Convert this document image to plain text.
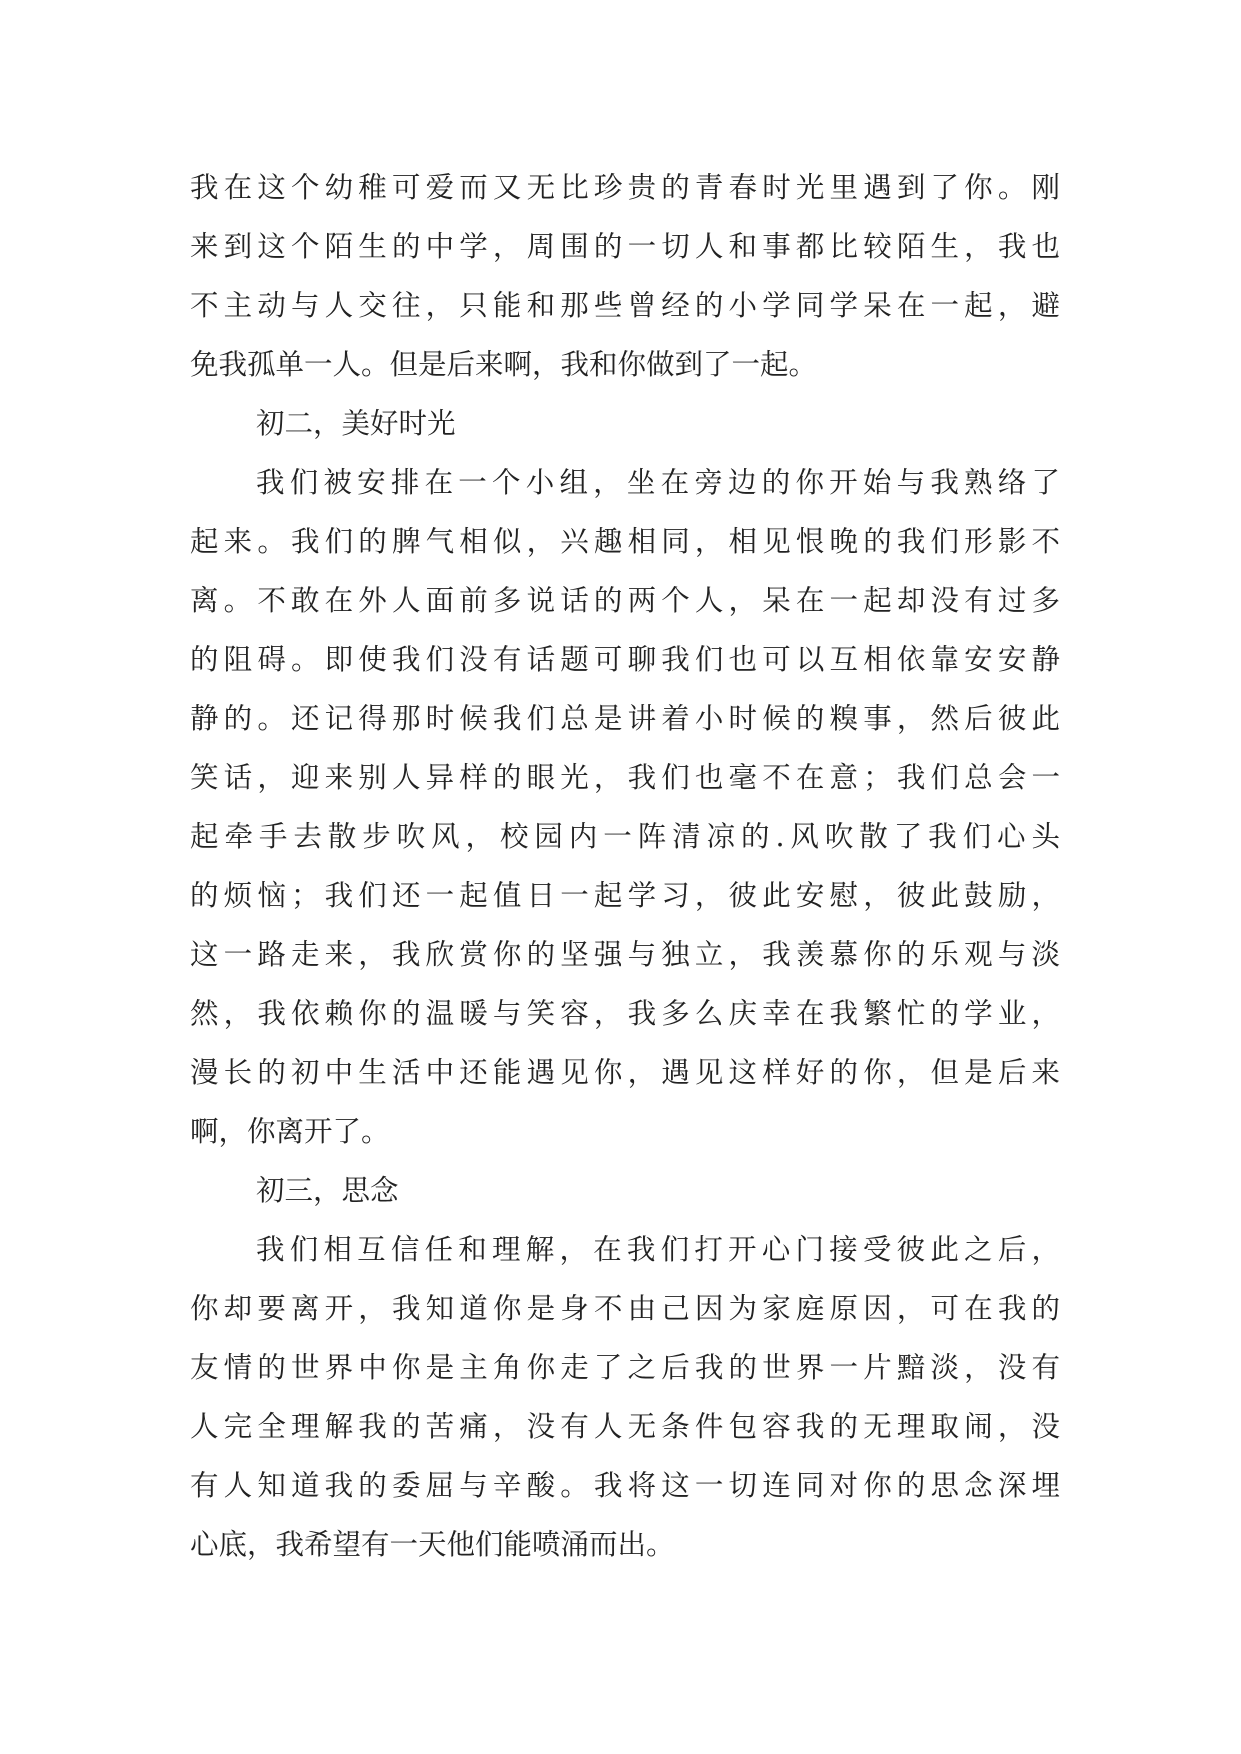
我在这个幼稚可爱而又无比珍贵的青春时光里遇到了你。刚
来到这个陌生的中学，周围的一切人和事都比较陌生，我也
不主动与人交往，只能和那些曾经的小学同学呆在一起，避
免我孤单一人。但是后来啊，我和你做到了一起。
初二，美好时光
我们被安排在一个小组，坐在旁边的你开始与我熟络了
起来。我们的脾气相似，兴趣相同，相见恨晚的我们形影不
离。不敢在外人面前多说话的两个人，呆在一起却没有过多
的阻碍。即使我们没有话题可聊我们也可以互相依靠安安静
静的。还记得那时候我们总是讲着小时候的糗事，然后彼此
笑话，迎来别人异样的眼光，我们也毫不在意；我们总会一
起牵手去散步吹风，校园内一阵清凉的.风吹散了我们心头
的烦恼；我们还一起值日一起学习，彼此安慰，彼此鼓励，
这一路走来，我欣赏你的坚强与独立，我羡慕你的乐观与淡
然，我依赖你的温暖与笑容，我多么庆幸在我繁忙的学业，
漫长的初中生活中还能遇见你，遇见这样好的你，但是后来
啊，你离开了。
初三，思念
我们相互信任和理解，在我们打开心门接受彼此之后，
你却要离开，我知道你是身不由己因为家庭原因，可在我的
友情的世界中你是主角你走了之后我的世界一片黯淡，没有
人完全理解我的苦痛，没有人无条件包容我的无理取闹，没
有人知道我的委屈与辛酸。我将这一切连同对你的思念深埋
心底，我希望有一天他们能喷涌而出。
